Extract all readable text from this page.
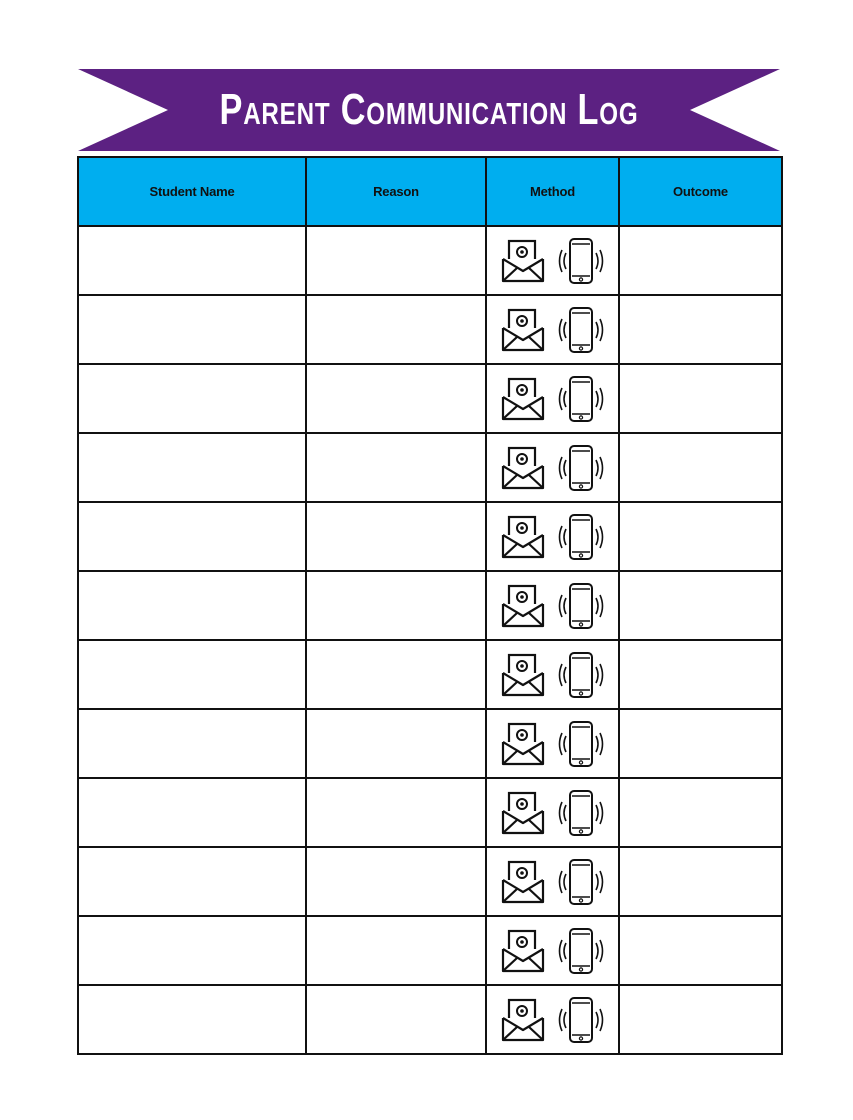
Parent Communication Log
Student Name	Reason	Method	Outcome
